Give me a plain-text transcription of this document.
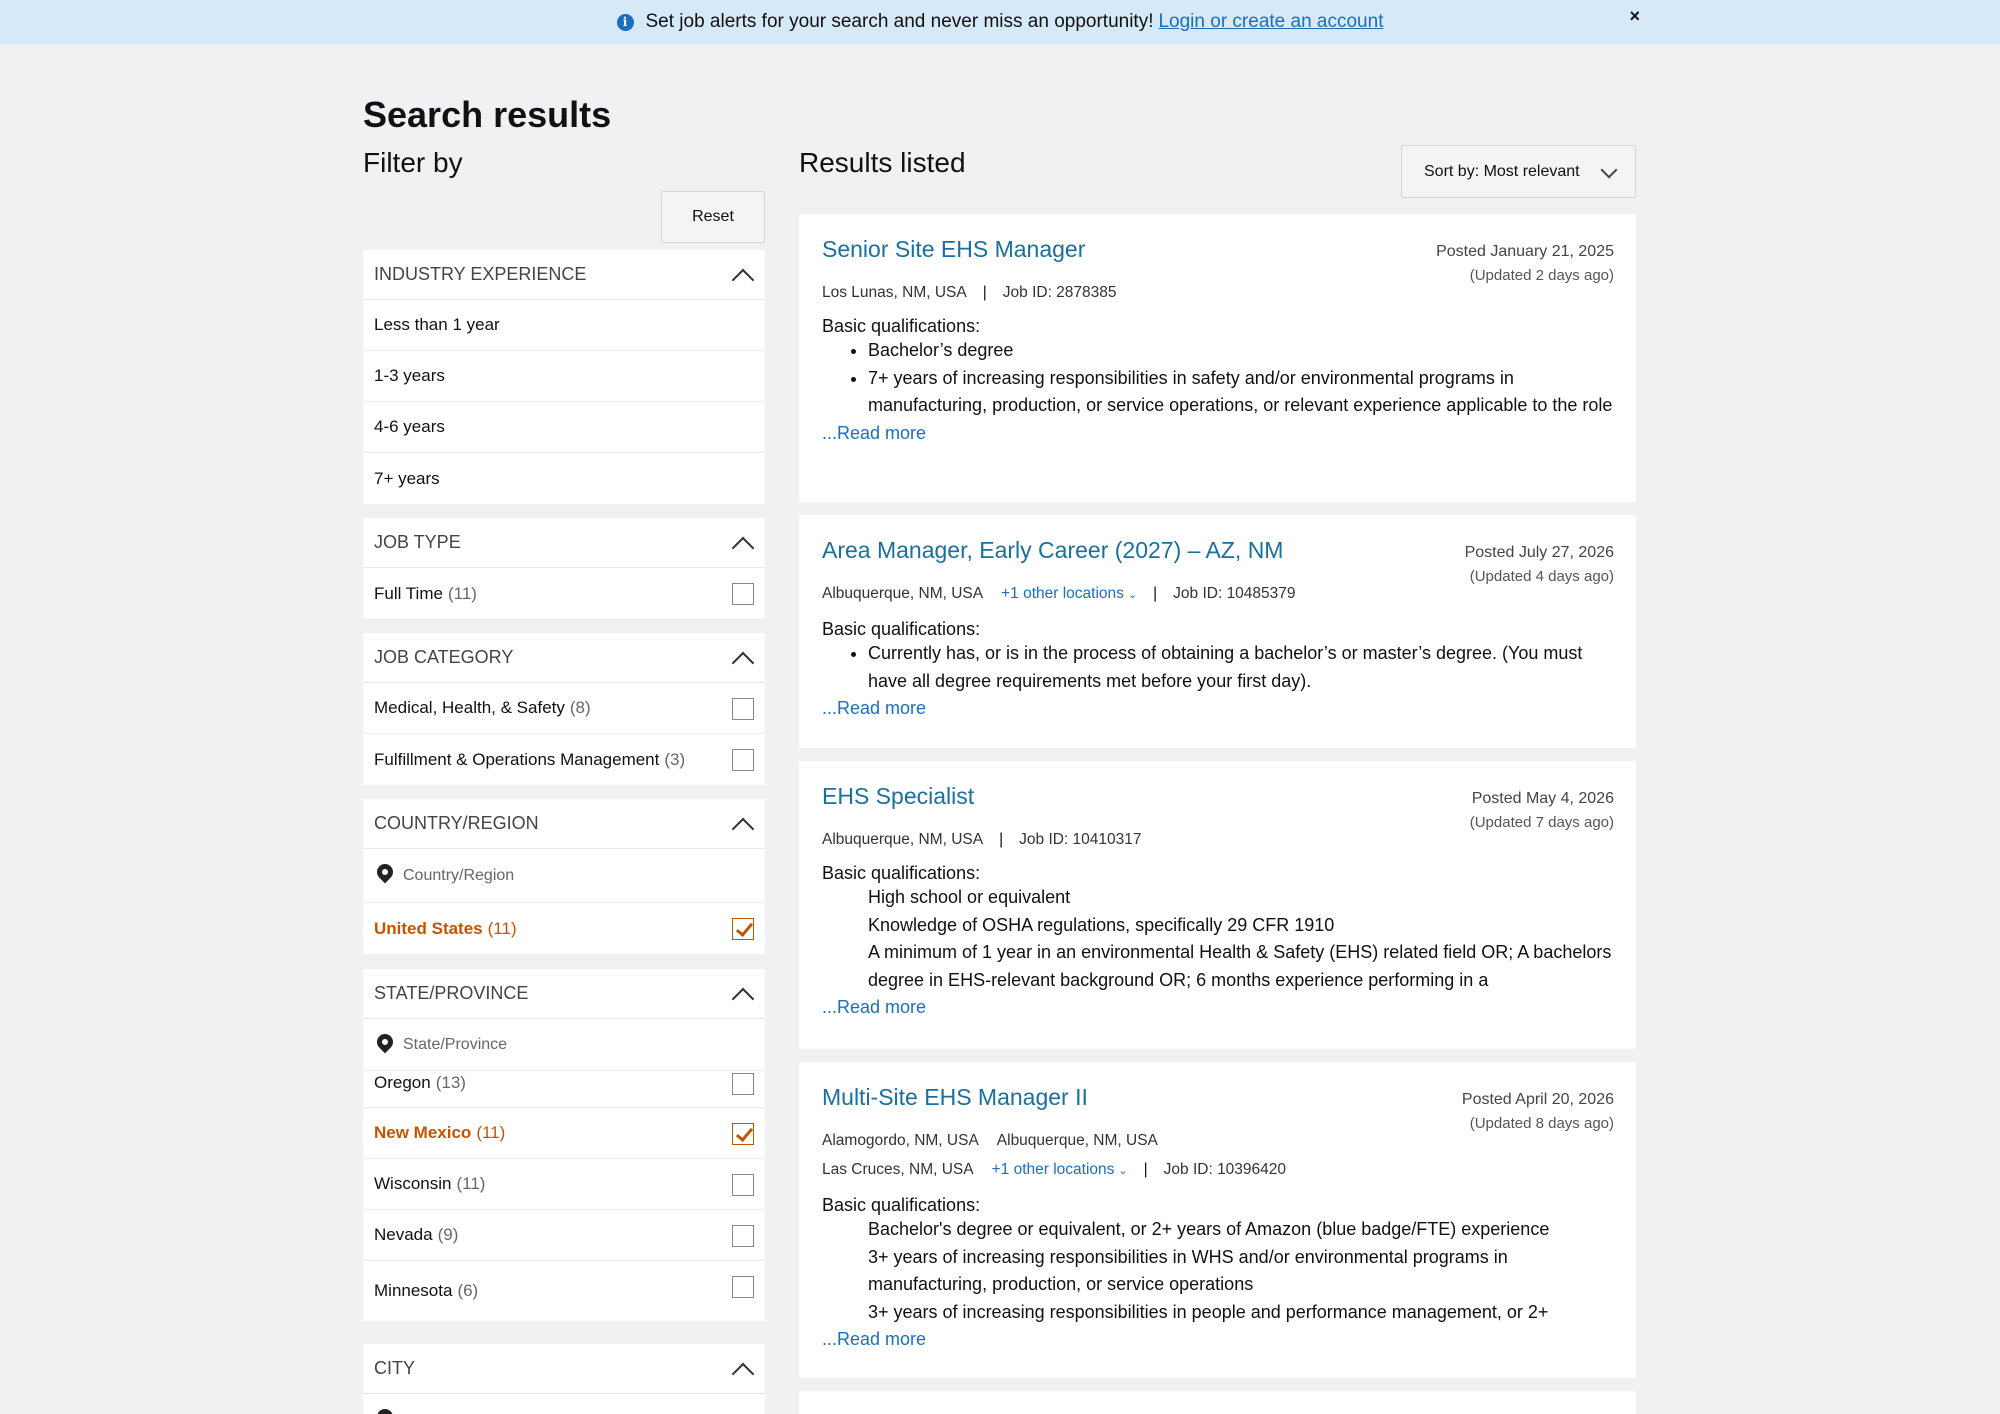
i Set job alerts for your search and never miss an opportunity! Login or create an account	×
Search results
Filter by	Results listed
Reset
Sort by: Most relevant
INDUSTRY EXPERIENCE
Less than 1 year
1-3 years
4-6 years
7+ years
JOB TYPE
Full Time (11)
JOB CATEGORY
Medical, Health, & Safety (8)
Fulfillment & Operations Management (3)
COUNTRY/REGION
Country/Region
United States (11)
STATE/PROVINCE
State/Province
Oregon (13)
New Mexico (11)
Wisconsin (11)
Nevada (9)
Minnesota (6)
CITY
Senior Site EHS Manager	Posted January 21, 2025
(Updated 2 days ago)
Los Lunas, NM, USA | Job ID: 2878385
Basic qualifications:
• Bachelor’s degree
• 7+ years of increasing responsibilities in safety and/or environmental programs in manufacturing, production, or service operations, or relevant experience applicable to the role
...Read more
Area Manager, Early Career (2027) – AZ, NM	Posted July 27, 2026
(Updated 4 days ago)
Albuquerque, NM, USA +1 other locations ⌄ | Job ID: 10485379
Basic qualifications:
• Currently has, or is in the process of obtaining a bachelor’s or master’s degree. (You must have all degree requirements met before your first day).
...Read more
EHS Specialist	Posted May 4, 2026
(Updated 7 days ago)
Albuquerque, NM, USA | Job ID: 10410317
Basic qualifications:
• High school or equivalent
• Knowledge of OSHA regulations, specifically 29 CFR 1910
• A minimum of 1 year in an environmental Health & Safety (EHS) related field OR; A bachelors degree in EHS-relevant background OR; 6 months experience performing in a
...Read more
Multi-Site EHS Manager II	Posted April 20, 2026
(Updated 8 days ago)
Alamogordo, NM, USA Albuquerque, NM, USA
Las Cruces, NM, USA +1 other locations ⌄ | Job ID: 10396420
Basic qualifications:
• Bachelor's degree or equivalent, or 2+ years of Amazon (blue badge/FTE) experience
• 3+ years of increasing responsibilities in WHS and/or environmental programs in manufacturing, production, or service operations
• 3+ years of increasing responsibilities in people and performance management, or 2+
...Read more
